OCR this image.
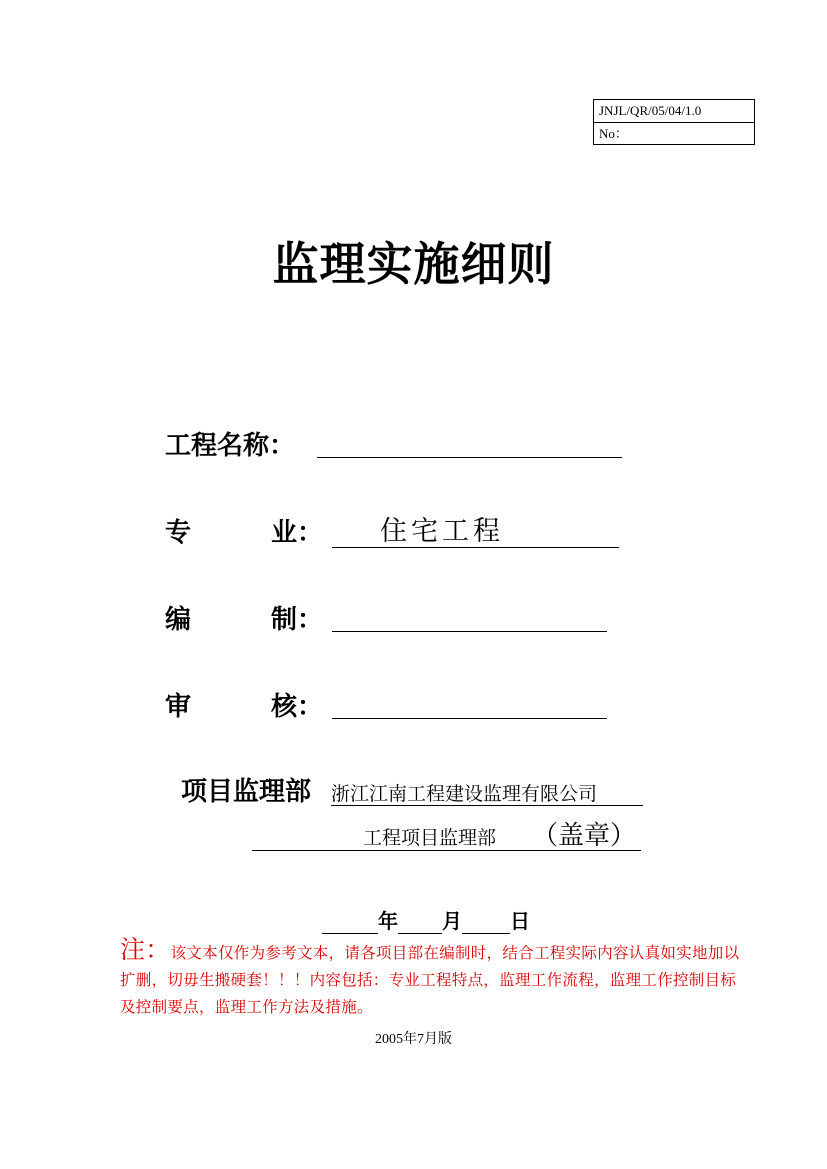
JNJL/QR/05/04/1.0
No：
监理实施细则
工程名称：
专	业： 住宅工程
编	制：
审	核：
项目监理部 浙江江南工程建设监理有限公司
工程项目监理部 （盖章）
年 月 日
注：该文本仅作为参考文本，请各项目部在编制时，结合工程实际内容认真如实地加以扩删，切毋生搬硬套！！！内容包括：专业工程特点，监理工作流程，监理工作控制目标及控制要点，监理工作方法及措施。
2005年7月版
